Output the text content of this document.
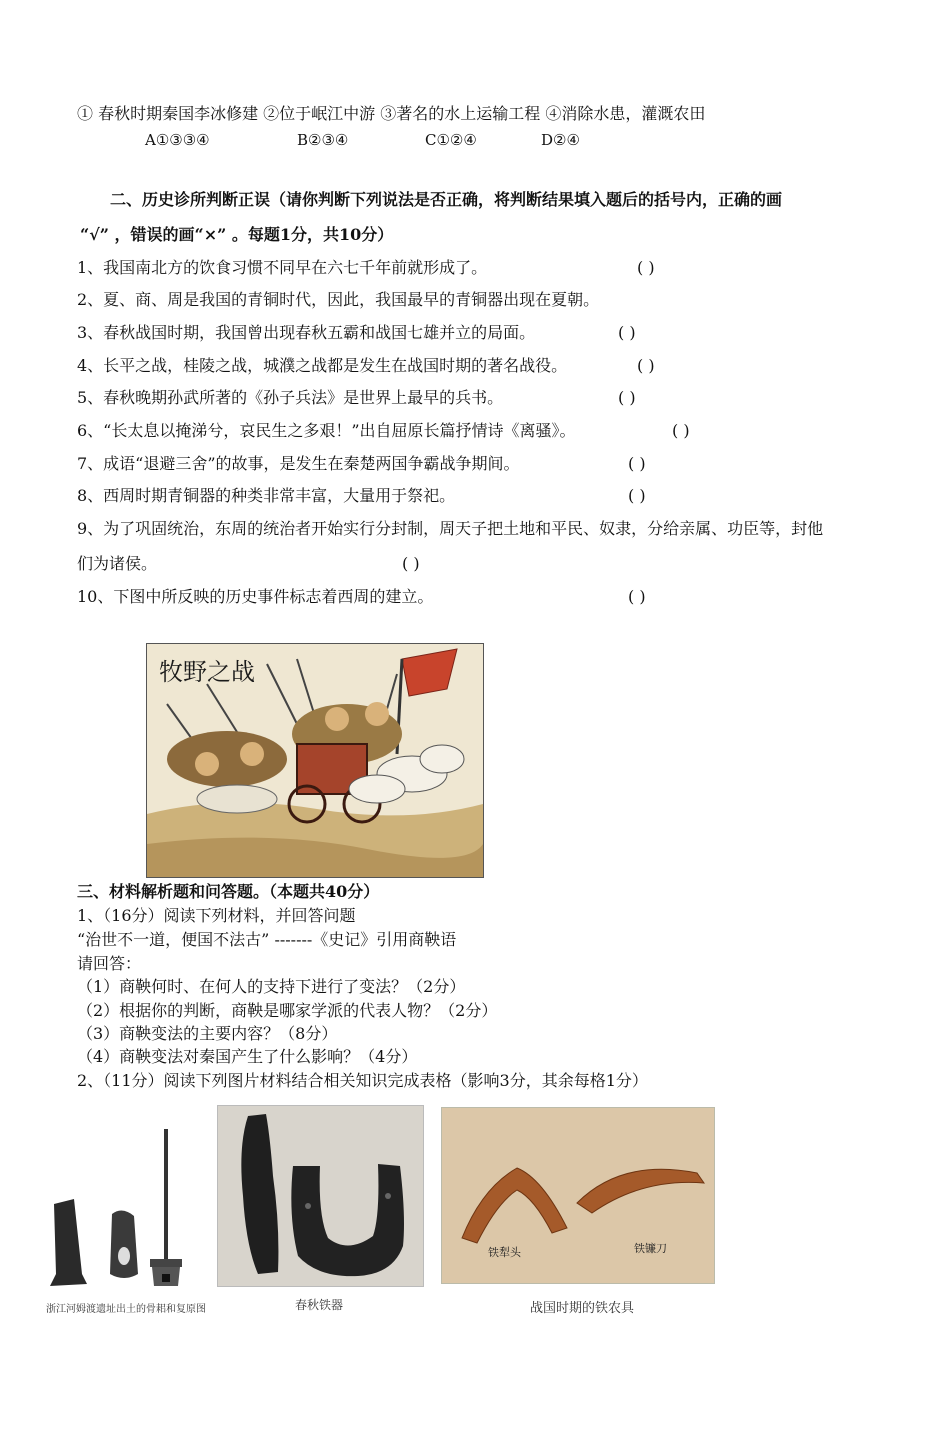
① 春秋时期秦国李冰修建 ②位于岷江中游 ③著名的水上运输工程 ④消除水患，灌溉农田
A①③③④	B②③④	C①②④	D②④
二、历史诊所判断正误（请你判断下列说法是否正确，将判断结果填入题后的括号内，正确的画
“√” ，错误的画“×” 。每题1分，共10分）
1、我国南北方的饮食习惯不同早在六七千年前就形成了。	( )
2、夏、商、周是我国的青铜时代，因此，我国最早的青铜器出现在夏朝。
3、春秋战国时期，我国曾出现春秋五霸和战国七雄并立的局面。	( )
4、长平之战，桂陵之战，城濮之战都是发生在战国时期的著名战役。	( )
5、春秋晚期孙武所著的《孙子兵法》是世界上最早的兵书。	( )
6、“长太息以掩涕兮，哀民生之多艰！”出自屈原长篇抒情诗《离骚》。	( )
7、成语“退避三舍”的故事，是发生在秦楚两国争霸战争期间。	( )
8、西周时期青铜器的种类非常丰富，大量用于祭祀。	( )
9、为了巩固统治，东周的统治者开始实行分封制，周天子把土地和平民、奴隶，分给亲属、功臣等，封他
们为诸侯。	( )
10、下图中所反映的历史事件标志着西周的建立。	( )
牧野之战
三、材料解析题和问答题。（本题共40分）
1、（16分）阅读下列材料，并回答问题
“治世不一道，便国不法古” -------《史记》引用商鞅语
请回答：
（1）商鞅何时、在何人的支持下进行了变法？（2分）
（2）根据你的判断，商鞅是哪家学派的代表人物？（2分）
（3）商鞅变法的主要内容？（8分）
（4）商鞅变法对秦国产生了什么影响？（4分）
2、（11分）阅读下列图片材料结合相关知识完成表格（影响3分，其余每格1分）
浙江河姆渡遗址出土的骨耜和复原图	春秋铁器
铁犁头	铁镰刀
战国时期的铁农具
